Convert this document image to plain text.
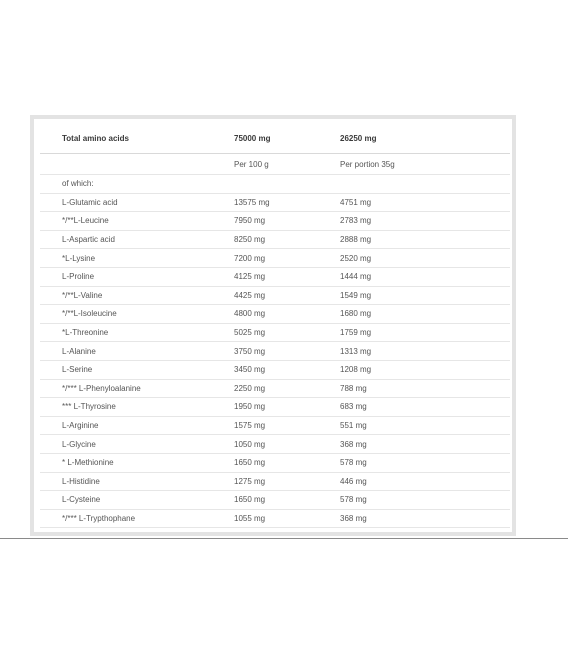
Total amino acids	75000 mg	26250 mg
	Per 100 g	Per portion 35g
of which:		
L-Glutamic acid	13575 mg	4751 mg
*/**L-Leucine	7950 mg	2783 mg
L-Aspartic acid	8250 mg	2888 mg
*L-Lysine	7200 mg	2520 mg
L-Proline	4125 mg	1444 mg
*/**L-Valine	4425 mg	1549 mg
*/**L-Isoleucine	4800 mg	1680 mg
*L-Threonine	5025 mg	1759 mg
L-Alanine	3750 mg	1313 mg
L-Serine	3450 mg	1208 mg
*/*** L-Phenyloalanine	2250 mg	788 mg
*** L-Thyrosine	1950 mg	683 mg
L-Arginine	1575 mg	551 mg
L-Glycine	1050 mg	368 mg
* L-Methionine	1650 mg	578 mg
L-Histidine	1275 mg	446 mg
L-Cysteine	1650 mg	578 mg
*/*** L-Trypthophane	1055 mg	368 mg
